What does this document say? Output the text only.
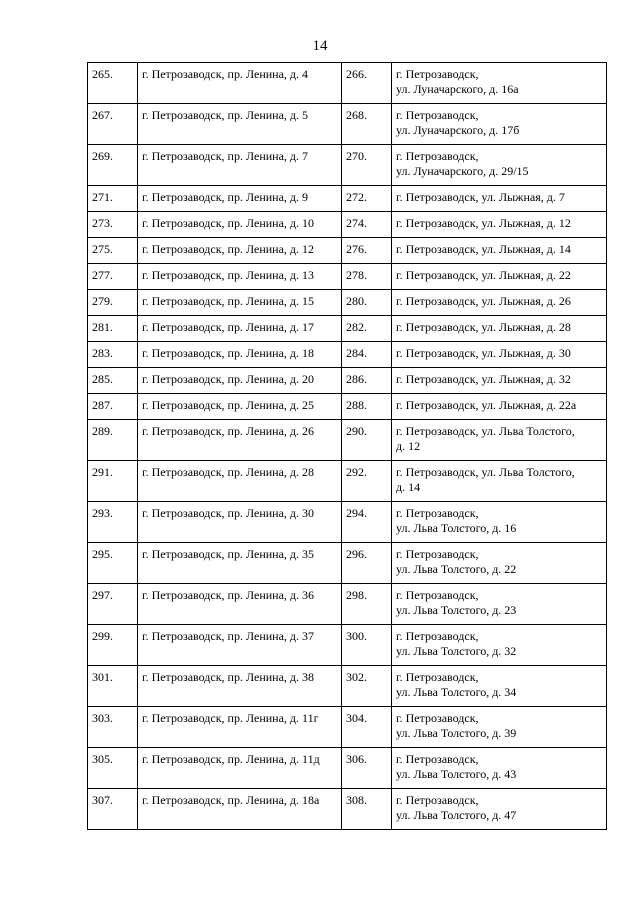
14
265.	г. Петрозаводск, пр. Ленина, д. 4	266.	г. Петрозаводск,
ул. Луначарского, д. 16а

267.	г. Петрозаводск, пр. Ленина, д. 5	268.	г. Петрозаводск,
ул. Луначарского, д. 17б

269.	г. Петрозаводск, пр. Ленина, д. 7	270.	г. Петрозаводск,
ул. Луначарского, д. 29/15

271.	г. Петрозаводск, пр. Ленина, д. 9	272.	г. Петрозаводск, ул. Лыжная, д. 7

273.	г. Петрозаводск, пр. Ленина, д. 10	274.	г. Петрозаводск, ул. Лыжная, д. 12

275.	г. Петрозаводск, пр. Ленина, д. 12	276.	г. Петрозаводск, ул. Лыжная, д. 14

277.	г. Петрозаводск, пр. Ленина, д. 13	278.	г. Петрозаводск, ул. Лыжная, д. 22

279.	г. Петрозаводск, пр. Ленина, д. 15	280.	г. Петрозаводск, ул. Лыжная, д. 26

281.	г. Петрозаводск, пр. Ленина, д. 17	282.	г. Петрозаводск, ул. Лыжная, д. 28

283.	г. Петрозаводск, пр. Ленина, д. 18	284.	г. Петрозаводск, ул. Лыжная, д. 30

285.	г. Петрозаводск, пр. Ленина, д. 20	286.	г. Петрозаводск, ул. Лыжная, д. 32

287.	г. Петрозаводск, пр. Ленина, д. 25	288.	г. Петрозаводск, ул. Лыжная, д. 22а

289.	г. Петрозаводск, пр. Ленина, д. 26	290.	г. Петрозаводск, ул. Льва Толстого,
д. 12

291.	г. Петрозаводск, пр. Ленина, д. 28	292.	г. Петрозаводск, ул. Льва Толстого,
д. 14

293.	г. Петрозаводск, пр. Ленина, д. 30	294.	г. Петрозаводск,
ул. Льва Толстого, д. 16

295.	г. Петрозаводск, пр. Ленина, д. 35	296.	г. Петрозаводск,
ул. Льва Толстого, д. 22

297.	г. Петрозаводск, пр. Ленина, д. 36	298.	г. Петрозаводск,
ул. Льва Толстого, д. 23

299.	г. Петрозаводск, пр. Ленина, д. 37	300.	г. Петрозаводск,
ул. Льва Толстого, д. 32

301.	г. Петрозаводск, пр. Ленина, д. 38	302.	г. Петрозаводск,
ул. Льва Толстого, д. 34

303.	г. Петрозаводск, пр. Ленина, д. 11г	304.	г. Петрозаводск,
ул. Льва Толстого, д. 39

305.	г. Петрозаводск, пр. Ленина, д. 11д	306.	г. Петрозаводск,
ул. Льва Толстого, д. 43

307.	г. Петрозаводск, пр. Ленина, д. 18а	308.	г. Петрозаводск,
ул. Льва Толстого, д. 47
